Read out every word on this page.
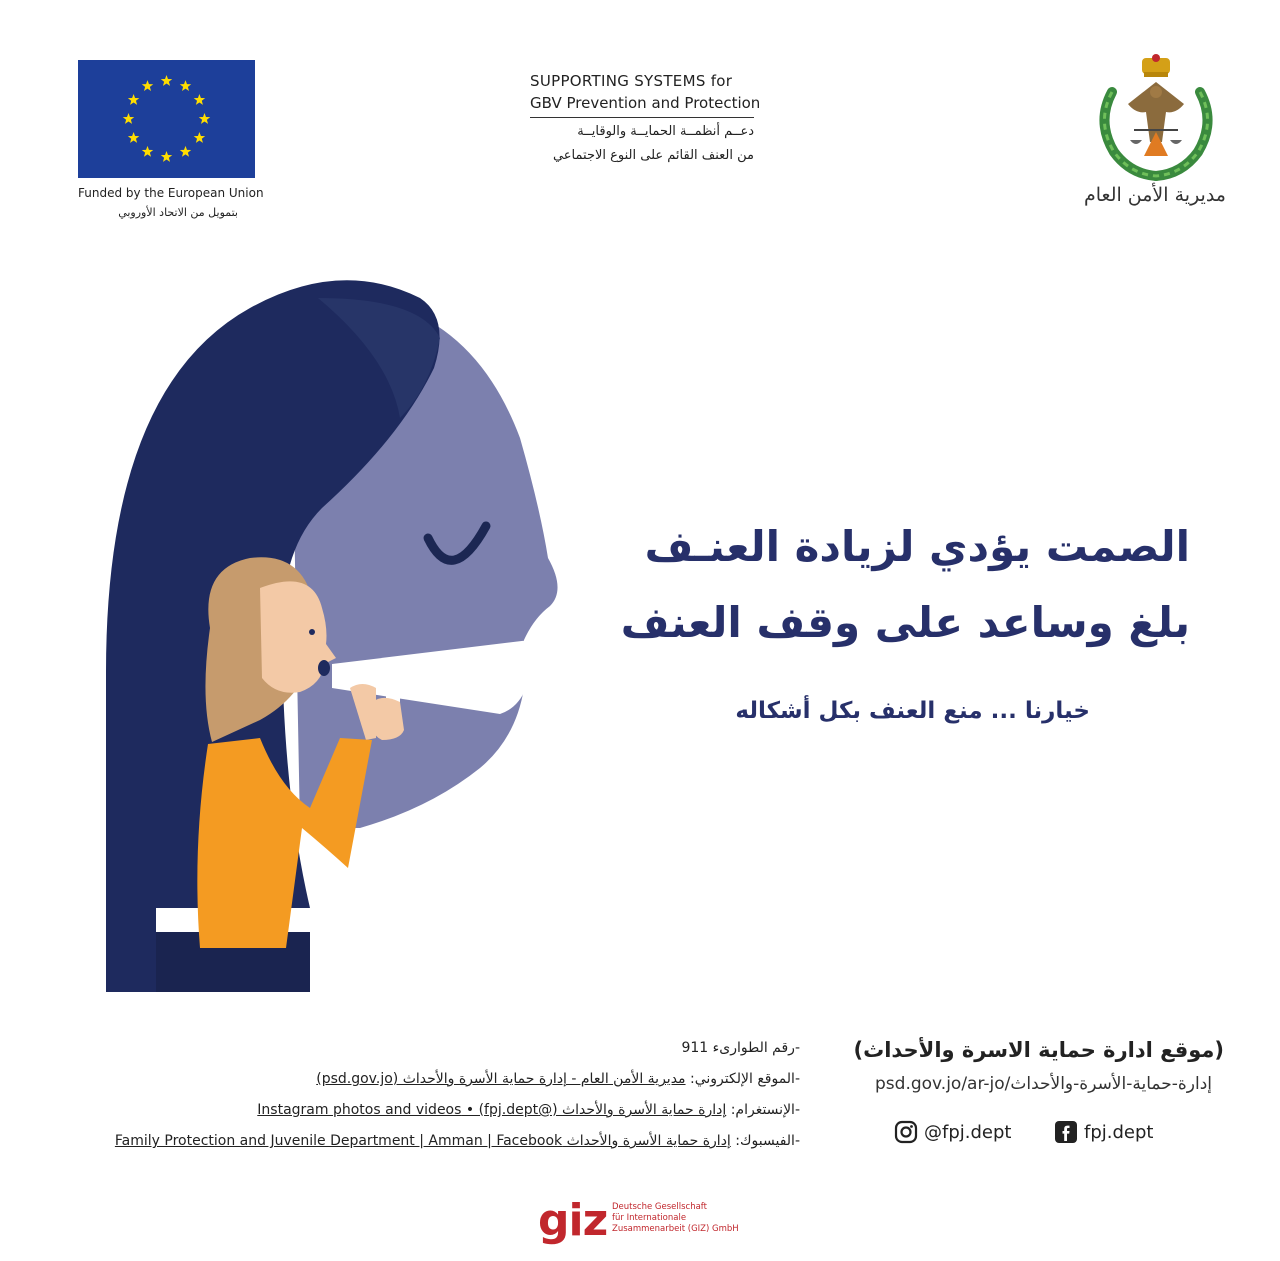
Funded by the European Union
بتمويل من الاتحاد الأوروبي
SUPPORTING SYSTEMS for
GBV Prevention and Protection
دعــم أنظمــة الحمايــة والوقايــة
من العنف القائم على النوع الاجتماعي
مديرية الأمن العام
الصمت يؤدي لزيادة العنـف
بلغ وساعد على وقف العنف
خيارنا ... منع العنف بكل أشكاله
-رقم الطوارىء 911
-الموقع الإلكتروني: مديرية الأمن العام - إدارة حماية الأسرة والأحداث (psd.gov.jo)
-الإنستغرام: إدارة حماية الأسرة والأحداث (@fpj.dept) • Instagram photos and videos
-الفيسبوك: إدارة حماية الأسرة والأحداث Family Protection and Juvenile Department | Amman | Facebook
(موقع ادارة حماية الاسرة والأحداث)
psd.gov.jo/ar-jo/إدارة-حماية-الأسرة-والأحداث
@fpj.dept	fpj.dept
giz Deutsche Gesellschaft
für Internationale
Zusammenarbeit (GIZ) GmbH
